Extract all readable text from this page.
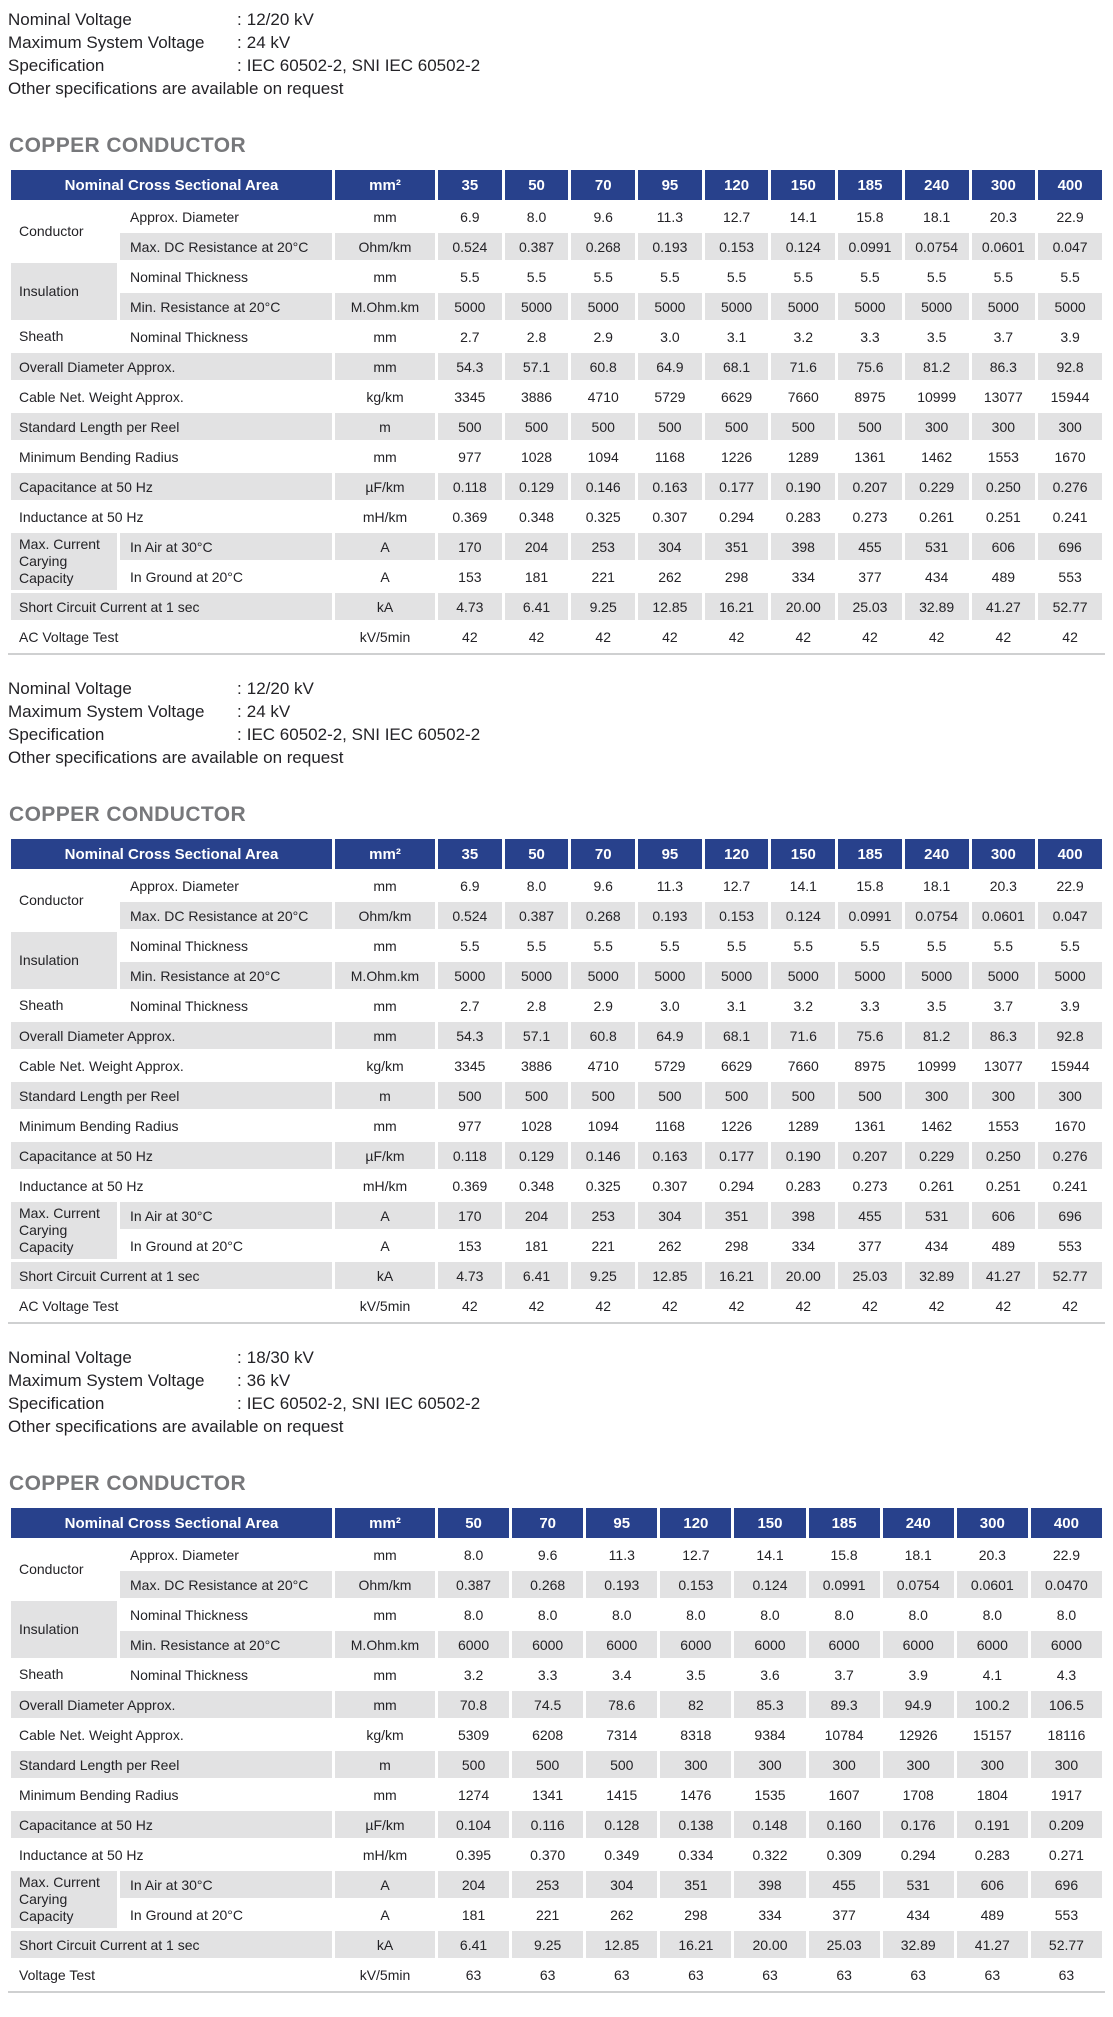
Nominal Voltage	: 12/20 kV
Maximum System Voltage : 24 kV
Specification	: IEC 60502-2, SNI IEC 60502-2
Other specifications are available on request
COPPER CONDUCTOR
Nominal Cross Sectional Area		mm²	35	50	70	95	120	150	185	240	300	400
Conductor	Approx. Diameter	mm	6.9	8.0	9.6	11.3	12.7	14.1	15.8	18.1	20.3	22.9
	Max. DC Resistance at 20°C	Ohm/km	0.524	0.387	0.268	0.193	0.153	0.124	0.0991	0.0754	0.0601	0.047
Insulation	Nominal Thickness	mm	5.5	5.5	5.5	5.5	5.5	5.5	5.5	5.5	5.5	5.5
	Min. Resistance at 20°C	M.Ohm.km	5000	5000	5000	5000	5000	5000	5000	5000	5000	5000
Sheath	Nominal Thickness	mm	2.7	2.8	2.9	3.0	3.1	3.2	3.3	3.5	3.7	3.9
Overall Diameter Approx.		mm	54.3	57.1	60.8	64.9	68.1	71.6	75.6	81.2	86.3	92.8
Cable Net. Weight Approx.		kg/km	3345	3886	4710	5729	6629	7660	8975	10999	13077	15944
Standard Length per Reel		m	500	500	500	500	500	500	500	300	300	300
Minimum Bending Radius		mm	977	1028	1094	1168	1226	1289	1361	1462	1553	1670
Capacitance at 50 Hz		µF/km	0.118	0.129	0.146	0.163	0.177	0.190	0.207	0.229	0.250	0.276
Inductance at 50 Hz		mH/km	0.369	0.348	0.325	0.307	0.294	0.283	0.273	0.261	0.251	0.241
Max. Current Carying Capacity	In Air at 30°C	A	170	204	253	304	351	398	455	531	606	696
	In Ground at 20°C	A	153	181	221	262	298	334	377	434	489	553
Short Circuit Current at 1 sec		kA	4.73	6.41	9.25	12.85	16.21	20.00	25.03	32.89	41.27	52.77
AC Voltage Test		kV/5min	42	42	42	42	42	42	42	42	42	42
Nominal Voltage	: 12/20 kV
Maximum System Voltage : 24 kV
Specification	: IEC 60502-2, SNI IEC 60502-2
Other specifications are available on request
COPPER CONDUCTOR
Nominal Cross Sectional Area		mm²	35	50	70	95	120	150	185	240	300	400
Conductor	Approx. Diameter	mm	6.9	8.0	9.6	11.3	12.7	14.1	15.8	18.1	20.3	22.9
	Max. DC Resistance at 20°C	Ohm/km	0.524	0.387	0.268	0.193	0.153	0.124	0.0991	0.0754	0.0601	0.047
Insulation	Nominal Thickness	mm	5.5	5.5	5.5	5.5	5.5	5.5	5.5	5.5	5.5	5.5
	Min. Resistance at 20°C	M.Ohm.km	5000	5000	5000	5000	5000	5000	5000	5000	5000	5000
Sheath	Nominal Thickness	mm	2.7	2.8	2.9	3.0	3.1	3.2	3.3	3.5	3.7	3.9
Overall Diameter Approx.		mm	54.3	57.1	60.8	64.9	68.1	71.6	75.6	81.2	86.3	92.8
Cable Net. Weight Approx.		kg/km	3345	3886	4710	5729	6629	7660	8975	10999	13077	15944
Standard Length per Reel		m	500	500	500	500	500	500	500	300	300	300
Minimum Bending Radius		mm	977	1028	1094	1168	1226	1289	1361	1462	1553	1670
Capacitance at 50 Hz		µF/km	0.118	0.129	0.146	0.163	0.177	0.190	0.207	0.229	0.250	0.276
Inductance at 50 Hz		mH/km	0.369	0.348	0.325	0.307	0.294	0.283	0.273	0.261	0.251	0.241
Max. Current Carying Capacity	In Air at 30°C	A	170	204	253	304	351	398	455	531	606	696
	In Ground at 20°C	A	153	181	221	262	298	334	377	434	489	553
Short Circuit Current at 1 sec		kA	4.73	6.41	9.25	12.85	16.21	20.00	25.03	32.89	41.27	52.77
AC Voltage Test		kV/5min	42	42	42	42	42	42	42	42	42	42
Nominal Voltage	: 18/30 kV
Maximum System Voltage : 36 kV
Specification	: IEC 60502-2, SNI IEC 60502-2
Other specifications are available on request
COPPER CONDUCTOR
Nominal Cross Sectional Area		mm²	50	70	95	120	150	185	240	300	400
Conductor	Approx. Diameter	mm	8.0	9.6	11.3	12.7	14.1	15.8	18.1	20.3	22.9
	Max. DC Resistance at 20°C	Ohm/km	0.387	0.268	0.193	0.153	0.124	0.0991	0.0754	0.0601	0.0470
Insulation	Nominal Thickness	mm	8.0	8.0	8.0	8.0	8.0	8.0	8.0	8.0	8.0
	Min. Resistance at 20°C	M.Ohm.km	6000	6000	6000	6000	6000	6000	6000	6000	6000
Sheath	Nominal Thickness	mm	3.2	3.3	3.4	3.5	3.6	3.7	3.9	4.1	4.3
Overall Diameter Approx.		mm	70.8	74.5	78.6	82	85.3	89.3	94.9	100.2	106.5
Cable Net. Weight Approx.		kg/km	5309	6208	7314	8318	9384	10784	12926	15157	18116
Standard Length per Reel		m	500	500	500	300	300	300	300	300	300
Minimum Bending Radius		mm	1274	1341	1415	1476	1535	1607	1708	1804	1917
Capacitance at 50 Hz		µF/km	0.104	0.116	0.128	0.138	0.148	0.160	0.176	0.191	0.209
Inductance at 50 Hz		mH/km	0.395	0.370	0.349	0.334	0.322	0.309	0.294	0.283	0.271
Max. Current Carying Capacity	In Air at 30°C	A	204	253	304	351	398	455	531	606	696
	In Ground at 20°C	A	181	221	262	298	334	377	434	489	553
Short Circuit Current at 1 sec		kA	6.41	9.25	12.85	16.21	20.00	25.03	32.89	41.27	52.77
Voltage Test		kV/5min	63	63	63	63	63	63	63	63	63
